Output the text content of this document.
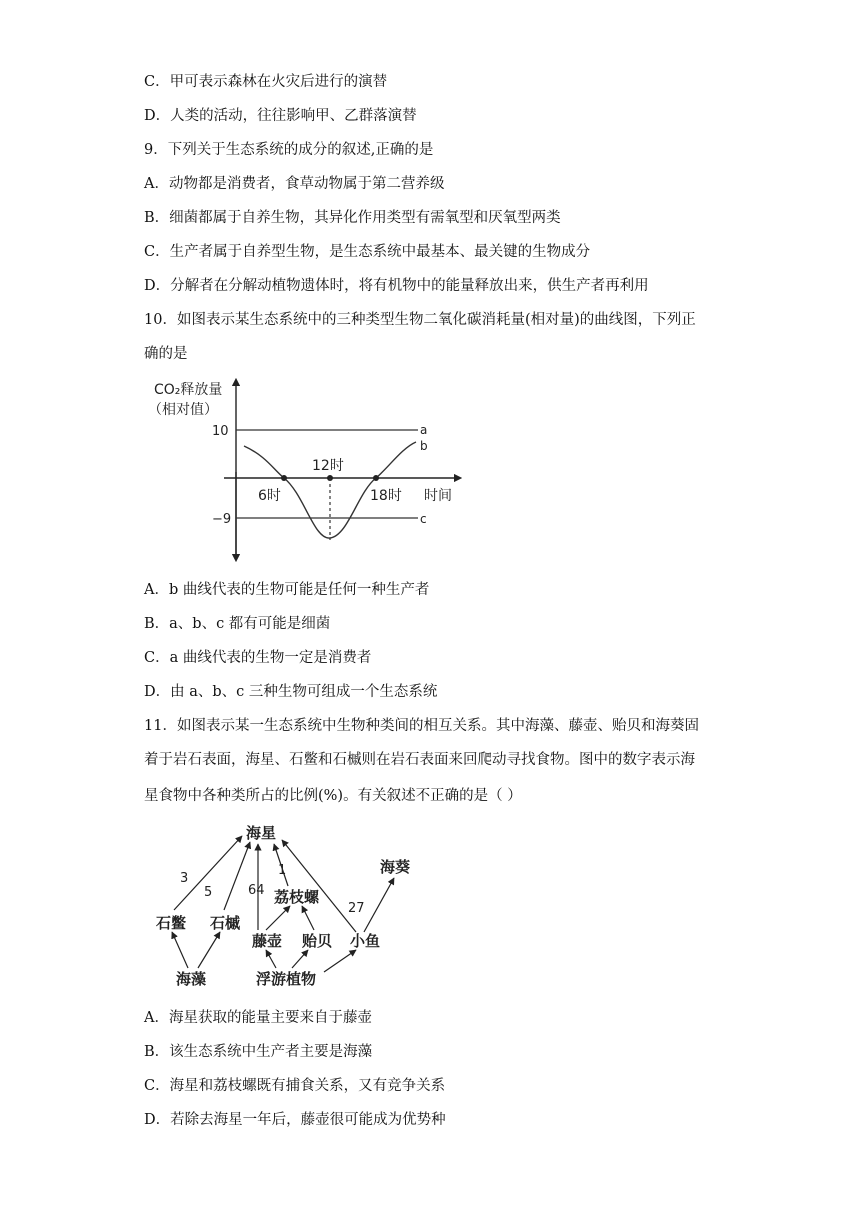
C．甲可表示森林在火灾后进行的演替
D．人类的活动，往往影响甲、乙群落演替
9．下列关于生态系统的成分的叙述,正确的是
A．动物都是消费者，食草动物属于第二营养级
B．细菌都属于自养生物，其异化作用类型有需氧型和厌氧型两类
C．生产者属于自养型生物，是生态系统中最基本、最关键的生物成分
D．分解者在分解动植物遗体时，将有机物中的能量释放出来，供生产者再利用
10．如图表示某生态系统中的三种类型生物二氧化碳消耗量(相对量)的曲线图，下列正
确的是
CO₂释放量
（相对值）
时间
10	a
−9	c
b
6时
12时
18时
A．b 曲线代表的生物可能是任何一种生产者
B．a、b、c 都有可能是细菌
C．a 曲线代表的生物一定是消费者
D．由 a、b、c 三种生物可组成一个生态系统
11．如图表示某一生态系统中生物种类间的相互关系。其中海藻、藤壶、贻贝和海葵固
着于岩石表面，海星、石鳖和石槭则在岩石表面来回爬动寻找食物。图中的数字表示海
星食物中各种类所占的比例(%)。有关叙述不正确的是（ ）
海星
海葵
石鳖 石槭
荔枝螺
藤壶 贻贝 小鱼
海藻	浮游植物
3
5	64
1
27
A．海星获取的能量主要来自于藤壶
B．该生态系统中生产者主要是海藻
C．海星和荔枝螺既有捕食关系，又有竞争关系
D．若除去海星一年后，藤壶很可能成为优势种
